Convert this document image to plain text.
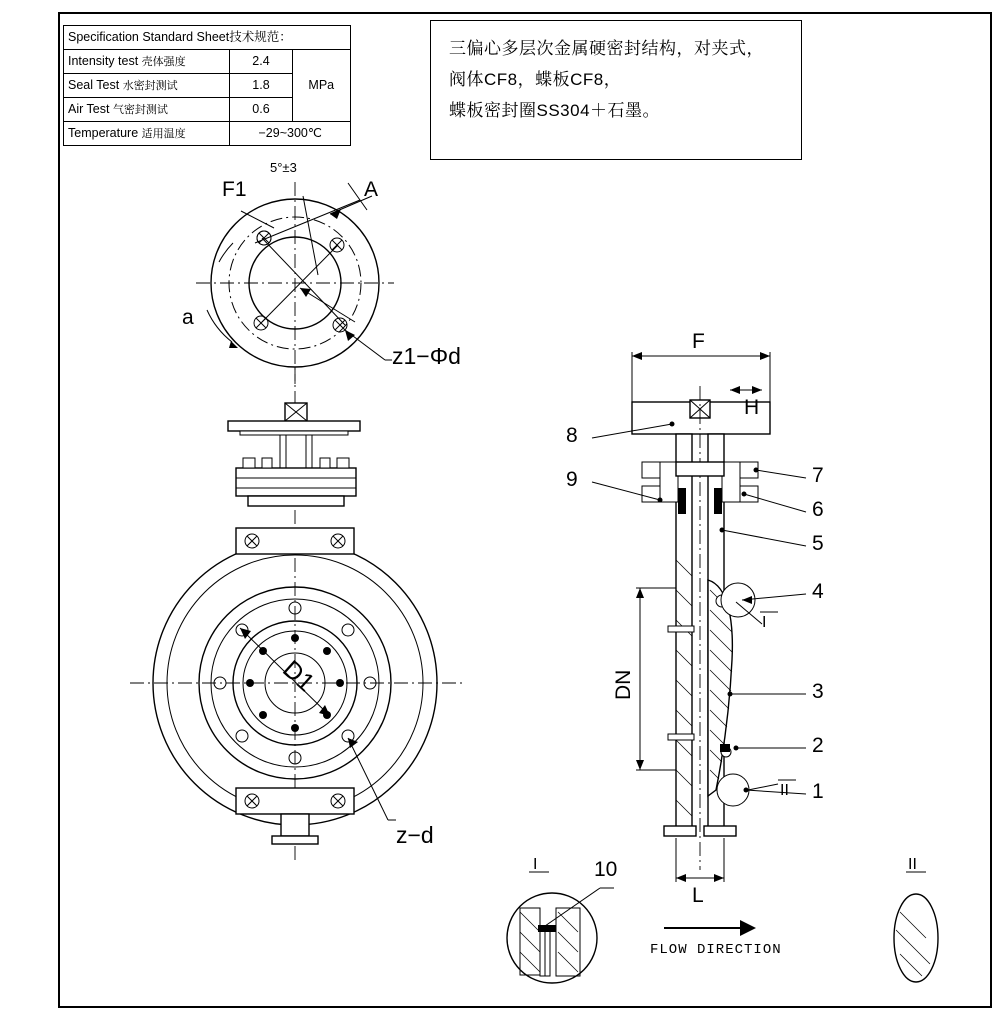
Specification Standard Sheet技术规范：		
Intensity test 壳体强度	2.4	MPa
Seal Test 水密封测试	1.8	
Air Test 气密封测试	0.6	
Temperature 适用温度	−29~300℃	
三偏心多层次金属硬密封结构，对夹式，
阀体CF8，蝶板CF8，
蝶板密封圈SS304＋石墨。
F1
5°±3
A
a
z1−Φd
D1
z−d
F
H
DN
L
I
II
I	II
10
FLOW DIRECTION
8
9	7
6
5
4
3
2
1
